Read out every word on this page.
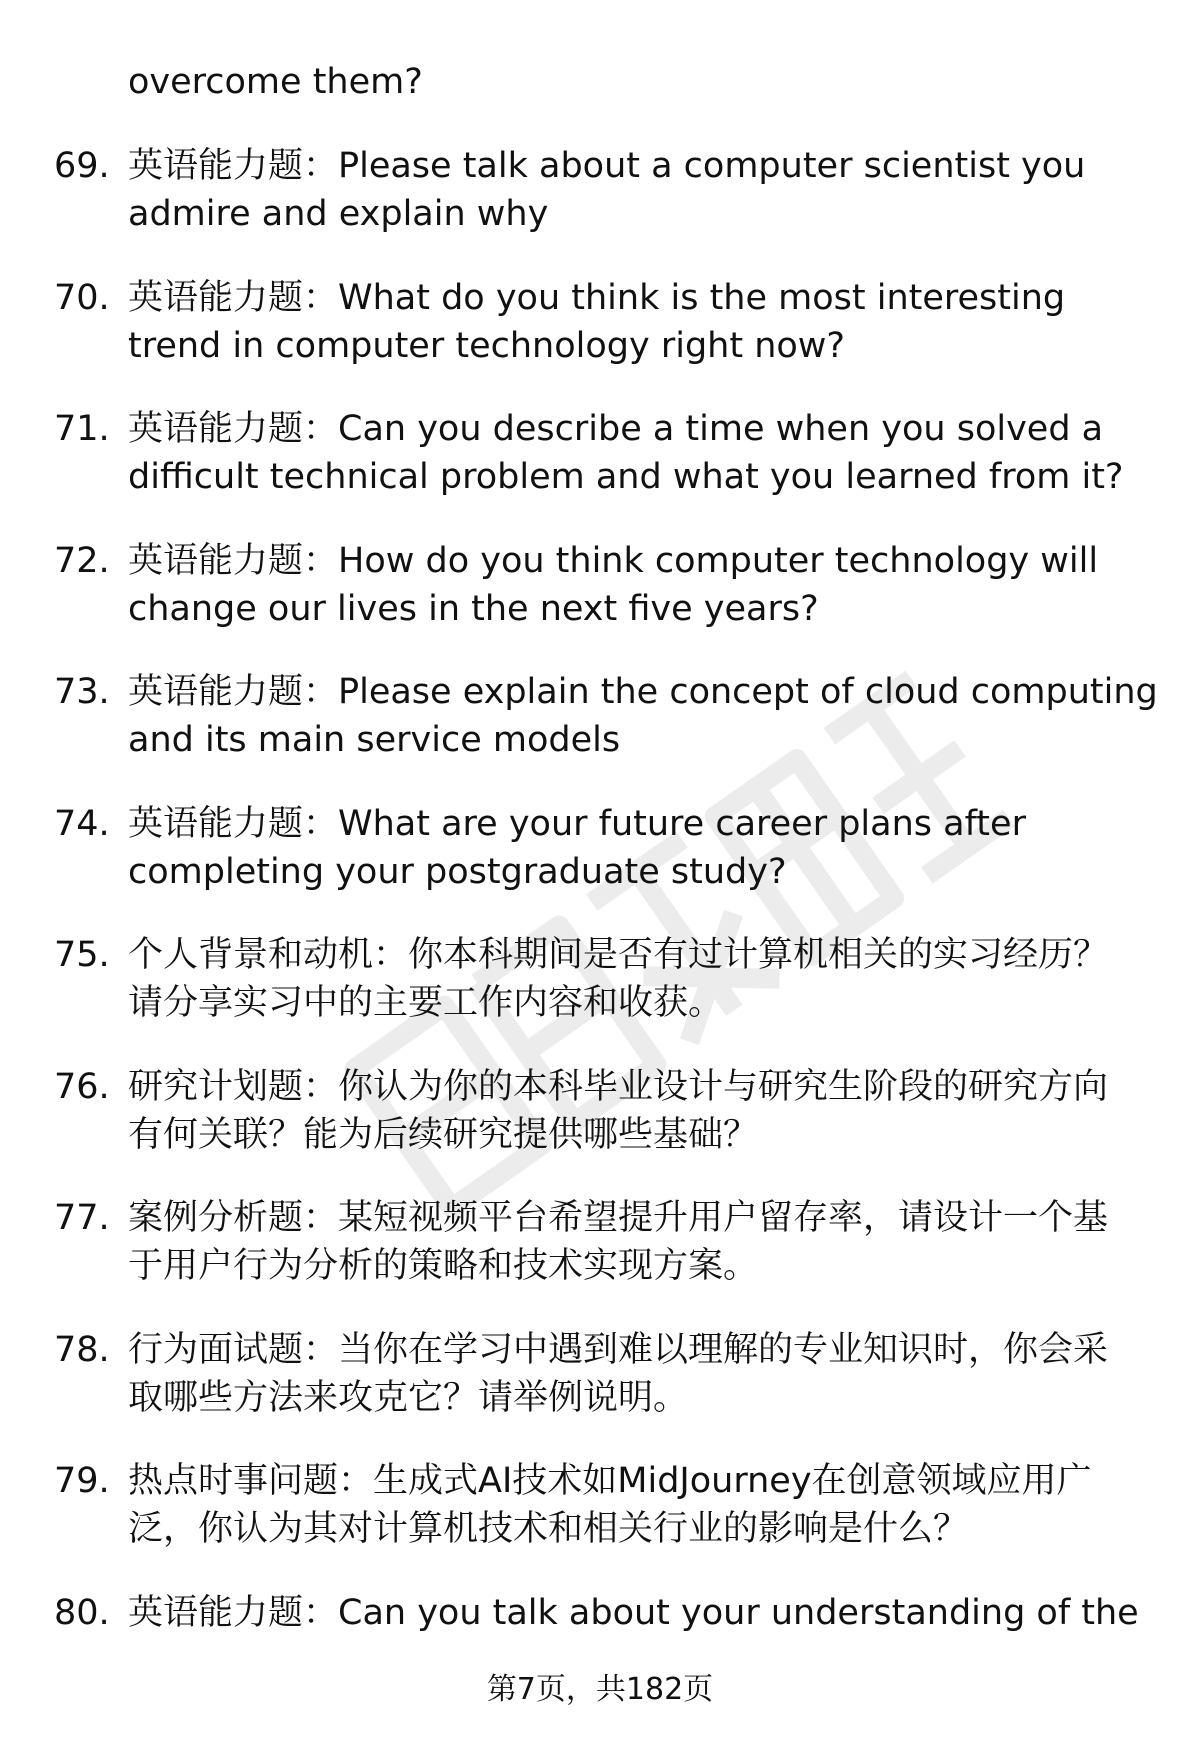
overcome them?
69. 英语能力题：Please talk about a computer scientist you
admire and explain why
70. 英语能力题：What do you think is the most interesting
trend in computer technology right now?
71. 英语能力题：Can you describe a time when you solved a
difficult technical problem and what you learned from it?
72. 英语能力题：How do you think computer technology will
change our lives in the next five years?
73. 英语能力题：Please explain the concept of cloud computing
and its main service models
74. 英语能力题：What are your future career plans after
completing your postgraduate study?
75. 个人背景和动机：你本科期间是否有过计算机相关的实习经历？
请分享实习中的主要工作内容和收获。
76. 研究计划题：你认为你的本科毕业设计与研究生阶段的研究方向
有何关联？能为后续研究提供哪些基础？
77. 案例分析题：某短视频平台希望提升用户留存率，请设计一个基
于用户行为分析的策略和技术实现方案。
78. 行为面试题：当你在学习中遇到难以理解的专业知识时，你会采
取哪些方法来攻克它？请举例说明。
79. 热点时事问题：生成式AI技术如MidJourney在创意领域应用广
泛，你认为其对计算机技术和相关行业的影响是什么？
80. 英语能力题：Can you talk about your understanding of the
第7页，共182页
